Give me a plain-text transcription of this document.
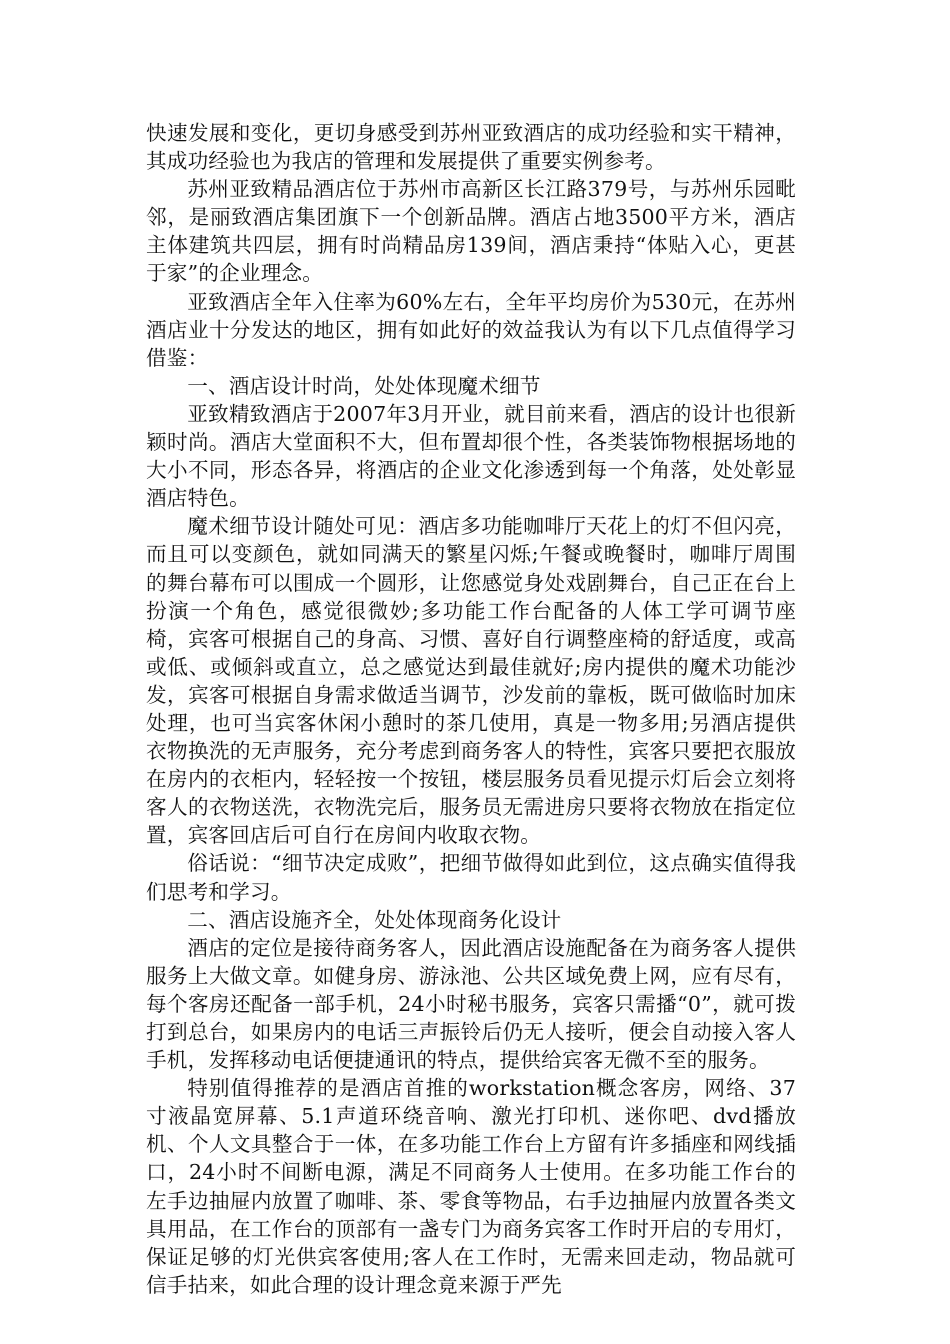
快速发展和变化，更切身感受到苏州亚致酒店的成功经验和实干精神，其成功经验也为我店的管理和发展提供了重要实例参考。

苏州亚致精品酒店位于苏州市高新区长江路379号，与苏州乐园毗邻，是丽致酒店集团旗下一个创新品牌。酒店占地3500平方米，酒店主体建筑共四层，拥有时尚精品房139间，酒店秉持“体贴入心，更甚于家”的企业理念。

亚致酒店全年入住率为60%左右，全年平均房价为530元，在苏州酒店业十分发达的地区，拥有如此好的效益我认为有以下几点值得学习借鉴：

一、酒店设计时尚，处处体现魔术细节

亚致精致酒店于2007年3月开业，就目前来看，酒店的设计也很新颖时尚。酒店大堂面积不大，但布置却很个性，各类装饰物根据场地的大小不同，形态各异，将酒店的企业文化渗透到每一个角落，处处彰显酒店特色。

魔术细节设计随处可见：酒店多功能咖啡厅天花上的灯不但闪亮，而且可以变颜色，就如同满天的繁星闪烁;午餐或晚餐时，咖啡厅周围的舞台幕布可以围成一个圆形，让您感觉身处戏剧舞台，自己正在台上扮演一个角色，感觉很微妙;多功能工作台配备的人体工学可调节座椅，宾客可根据自己的身高、习惯、喜好自行调整座椅的舒适度，或高或低、或倾斜或直立，总之感觉达到最佳就好;房内提供的魔术功能沙发，宾客可根据自身需求做适当调节，沙发前的靠板，既可做临时加床处理，也可当宾客休闲小憩时的茶几使用，真是一物多用;另酒店提供衣物换洗的无声服务，充分考虑到商务客人的特性，宾客只要把衣服放在房内的衣柜内，轻轻按一个按钮，楼层服务员看见提示灯后会立刻将客人的衣物送洗，衣物洗完后，服务员无需进房只要将衣物放在指定位置，宾客回店后可自行在房间内收取衣物。

俗话说：“细节决定成败”，把细节做得如此到位，这点确实值得我们思考和学习。

二、酒店设施齐全，处处体现商务化设计

酒店的定位是接待商务客人，因此酒店设施配备在为商务客人提供服务上大做文章。如健身房、游泳池、公共区域免费上网，应有尽有，每个客房还配备一部手机，24小时秘书服务，宾客只需播“0”，就可拨打到总台，如果房内的电话三声振铃后仍无人接听，便会自动接入客人手机，发挥移动电话便捷通讯的特点，提供给宾客无微不至的服务。

特别值得推荐的是酒店首推的workstation概念客房，网络、37寸液晶宽屏幕、5.1声道环绕音响、激光打印机、迷你吧、dvd播放机、个人文具整合于一体，在多功能工作台上方留有许多插座和网线插口，24小时不间断电源，满足不同商务人士使用。在多功能工作台的左手边抽屉内放置了咖啡、茶、零食等物品，右手边抽屉内放置各类文具用品，在工作台的顶部有一盏专门为商务宾客工作时开启的专用灯，保证足够的灯光供宾客使用;客人在工作时，无需来回走动，物品就可信手拈来，如此合理的设计理念竟来源于严先
